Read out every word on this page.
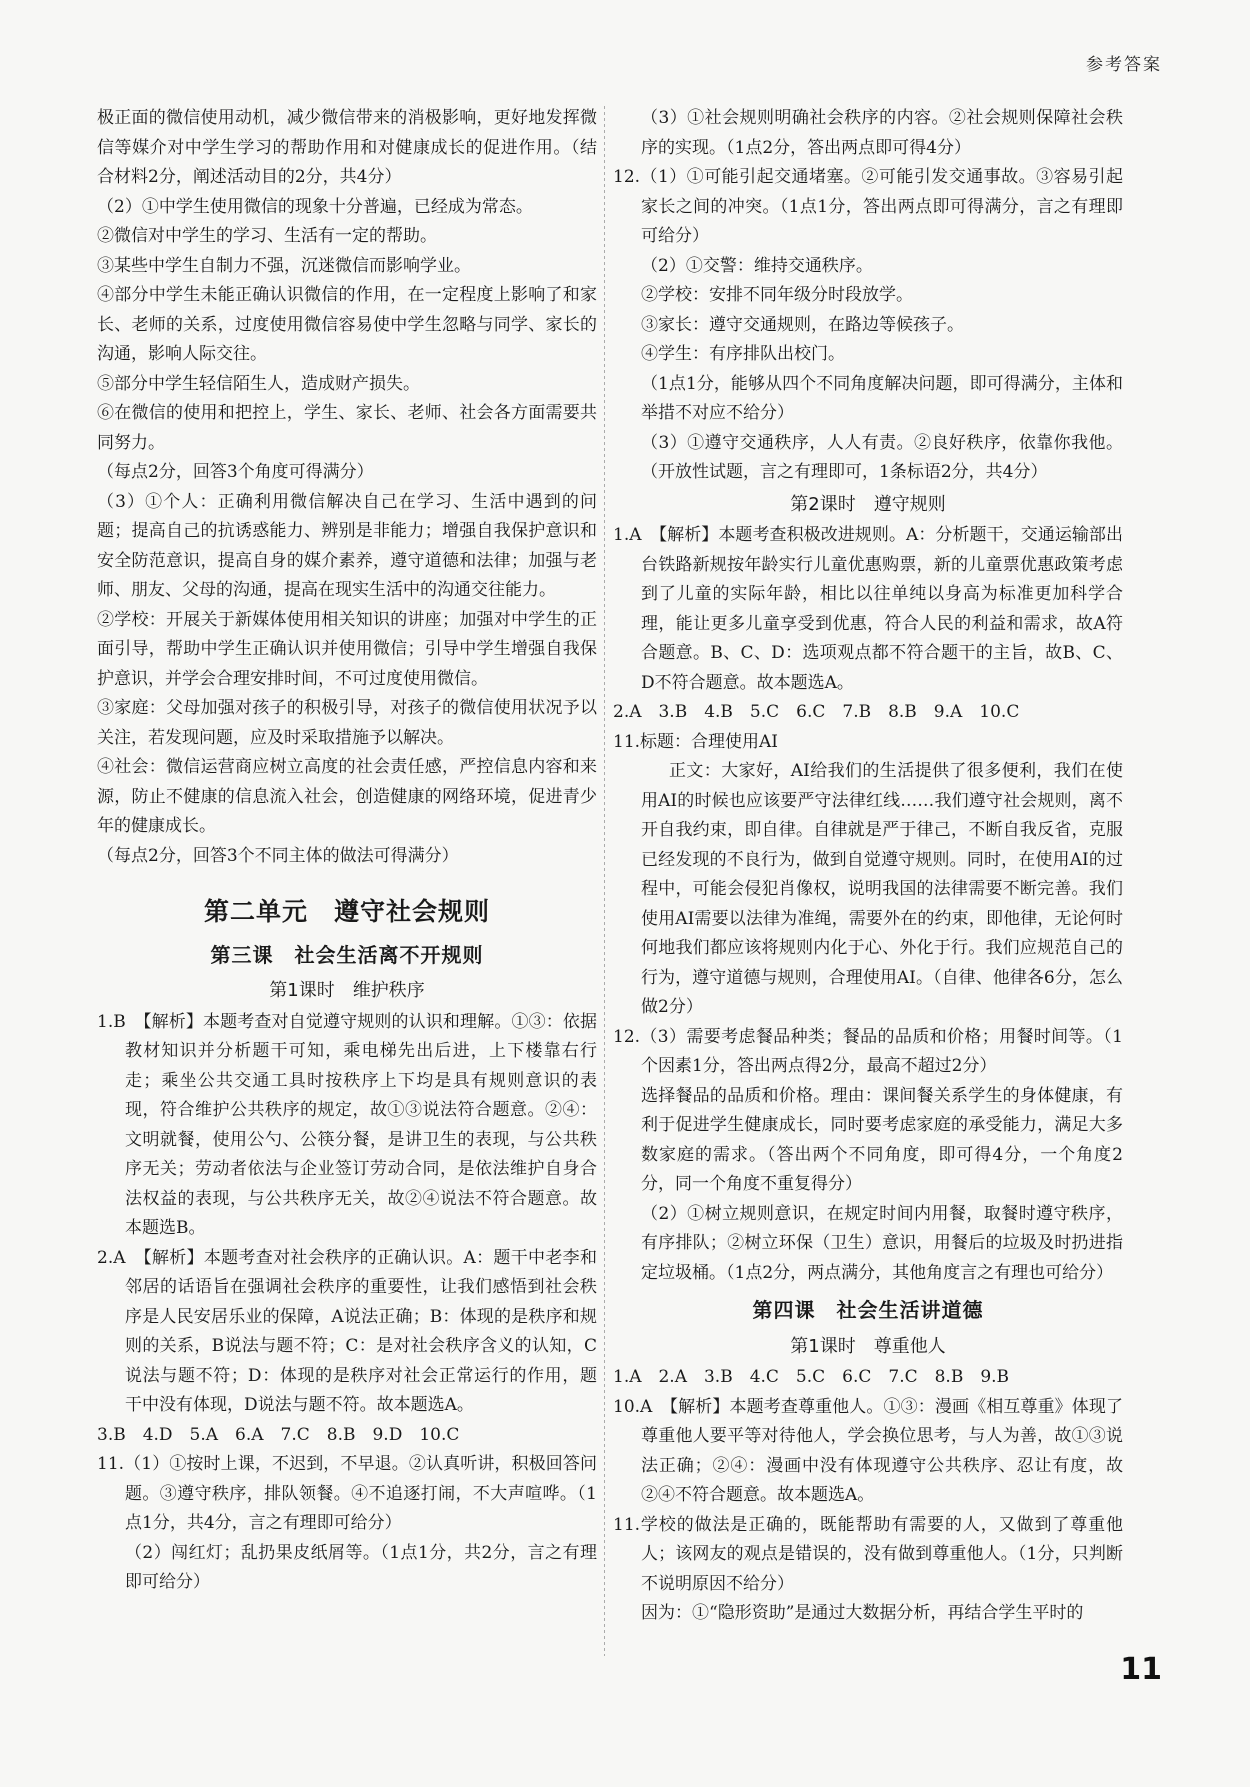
参考答案

极正面的微信使用动机，减少微信带来的消极影响，更好地发挥微信等媒介对中学生学习的帮助作用和对健康成长的促进作用。（结合材料2分，阐述活动目的2分，共4分）

（2）①中学生使用微信的现象十分普遍，已经成为常态。

②微信对中学生的学习、生活有一定的帮助。

③某些中学生自制力不强，沉迷微信而影响学业。

④部分中学生未能正确认识微信的作用，在一定程度上影响了和家长、老师的关系，过度使用微信容易使中学生忽略与同学、家长的沟通，影响人际交往。

⑤部分中学生轻信陌生人，造成财产损失。

⑥在微信的使用和把控上，学生、家长、老师、社会各方面需要共同努力。

（每点2分，回答3个角度可得满分）

（3）①个人：正确利用微信解决自己在学习、生活中遇到的问题；提高自己的抗诱惑能力、辨别是非能力；增强自我保护意识和安全防范意识，提高自身的媒介素养，遵守道德和法律；加强与老师、朋友、父母的沟通，提高在现实生活中的沟通交往能力。

②学校：开展关于新媒体使用相关知识的讲座；加强对中学生的正面引导，帮助中学生正确认识并使用微信；引导中学生增强自我保护意识，并学会合理安排时间，不可过度使用微信。

③家庭：父母加强对孩子的积极引导，对孩子的微信使用状况予以关注，若发现问题，应及时采取措施予以解决。

④社会：微信运营商应树立高度的社会责任感，严控信息内容和来源，防止不健康的信息流入社会，创造健康的网络环境，促进青少年的健康成长。

（每点2分，回答3个不同主体的做法可得满分）

第二单元　遵守社会规则
第三课　社会生活离不开规则
第1课时　维护秩序

1.B　【解析】本题考查对自觉遵守规则的认识和理解。①③：依据教材知识并分析题干可知，乘电梯先出后进，上下楼靠右行走；乘坐公共交通工具时按秩序上下均是具有规则意识的表现，符合维护公共秩序的规定，故①③说法符合题意。②④：文明就餐，使用公勺、公筷分餐，是讲卫生的表现，与公共秩序无关；劳动者依法与企业签订劳动合同，是依法维护自身合法权益的表现，与公共秩序无关，故②④说法不符合题意。故本题选B。

2.A　【解析】本题考查对社会秩序的正确认识。A：题干中老李和邻居的话语旨在强调社会秩序的重要性，让我们感悟到社会秩序是人民安居乐业的保障，A说法正确；B：体现的是秩序和规则的关系，B说法与题不符；C：是对社会秩序含义的认知，C说法与题不符；D：体现的是秩序对社会正常运行的作用，题干中没有体现，D说法与题不符。故本题选A。

3.B　4.D　5.A　6.A　7.C　8.B　9.D　10.C

11.（1）①按时上课，不迟到，不早退。②认真听讲，积极回答问题。③遵守秩序，排队领餐。④不追逐打闹，不大声喧哗。（1点1分，共4分，言之有理即可给分）

（2）闯红灯；乱扔果皮纸屑等。（1点1分，共2分，言之有理即可给分）

（3）①社会规则明确社会秩序的内容。②社会规则保障社会秩序的实现。（1点2分，答出两点即可得4分）

12.（1）①可能引起交通堵塞。②可能引发交通事故。③容易引起家长之间的冲突。（1点1分，答出两点即可得满分，言之有理即可给分）

（2）①交警：维持交通秩序。

②学校：安排不同年级分时段放学。

③家长：遵守交通规则，在路边等候孩子。

④学生：有序排队出校门。

（1点1分，能够从四个不同角度解决问题，即可得满分，主体和举措不对应不给分）

（3）①遵守交通秩序，人人有责。②良好秩序，依靠你我他。（开放性试题，言之有理即可，1条标语2分，共4分）

第2课时　遵守规则

1.A　【解析】本题考查积极改进规则。A：分析题干，交通运输部出台铁路新规按年龄实行儿童优惠购票，新的儿童票优惠政策考虑到了儿童的实际年龄，相比以往单纯以身高为标准更加科学合理，能让更多儿童享受到优惠，符合人民的利益和需求，故A符合题意。B、C、D：选项观点都不符合题干的主旨，故B、C、D不符合题意。故本题选A。

2.A　3.B　4.B　5.C　6.C　7.B　8.B　9.A　10.C

11.标题：合理使用AI

正文：大家好，AI给我们的生活提供了很多便利，我们在使用AI的时候也应该要严守法律红线……我们遵守社会规则，离不开自我约束，即自律。自律就是严于律己，不断自我反省，克服已经发现的不良行为，做到自觉遵守规则。同时，在使用AI的过程中，可能会侵犯肖像权，说明我国的法律需要不断完善。我们使用AI需要以法律为准绳，需要外在的约束，即他律，无论何时何地我们都应该将规则内化于心、外化于行。我们应规范自己的行为，遵守道德与规则，合理使用AI。（自律、他律各6分，怎么做2分）

12.（3）需要考虑餐品种类；餐品的品质和价格；用餐时间等。（1个因素1分，答出两点得2分，最高不超过2分）

选择餐品的品质和价格。理由：课间餐关系学生的身体健康，有利于促进学生健康成长，同时要考虑家庭的承受能力，满足大多数家庭的需求。（答出两个不同角度，即可得4分，一个角度2分，同一个角度不重复得分）

（2）①树立规则意识，在规定时间内用餐，取餐时遵守秩序，有序排队；②树立环保（卫生）意识，用餐后的垃圾及时扔进指定垃圾桶。（1点2分，两点满分，其他角度言之有理也可给分）

第四课　社会生活讲道德
第1课时　尊重他人

1.A　2.A　3.B　4.C　5.C　6.C　7.C　8.B　9.B

10.A　【解析】本题考查尊重他人。①③：漫画《相互尊重》体现了尊重他人要平等对待他人，学会换位思考，与人为善，故①③说法正确；②④：漫画中没有体现遵守公共秩序、忍让有度，故②④不符合题意。故本题选A。

11.学校的做法是正确的，既能帮助有需要的人，又做到了尊重他人；该网友的观点是错误的，没有做到尊重他人。（1分，只判断不说明原因不给分）

因为：①“隐形资助”是通过大数据分析，再结合学生平时的

11
